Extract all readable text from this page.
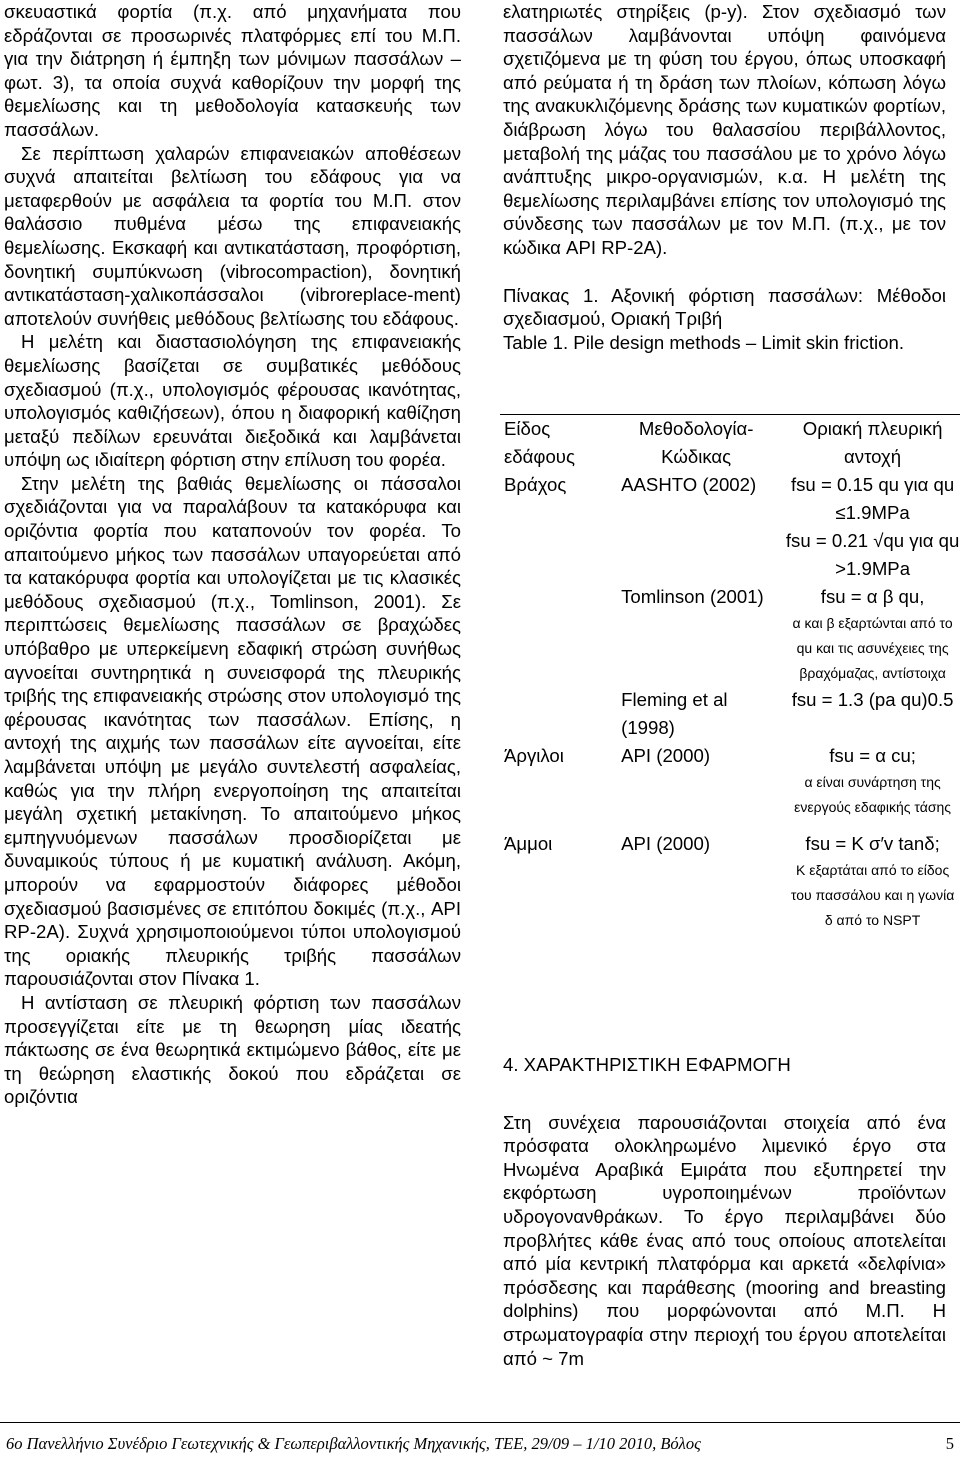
σκευαστικά φορτία (π.χ. από μηχανήματα που εδράζονται σε προσωρινές πλατφόρμες επί του Μ.Π. για την διάτρηση ή έμπηξη των μόνιμων πασσάλων – φωτ. 3), τα οποία συχνά καθορίζουν την μορφή της θεμελίωσης και τη μεθοδολογία κατασκευής των πασσάλων.

Σε περίπτωση χαλαρών επιφανειακών αποθέσεων συχνά απαιτείται βελτίωση του εδάφους για να μεταφερθούν με ασφάλεια τα φορτία του Μ.Π. στον θαλάσσιο πυθμένα μέσω της επιφανειακής θεμελίωσης. Εκσκαφή και αντικατάσταση, προφόρτιση, δονητική συμπύκνωση (vibrocompaction), δονητική αντικατάσταση-χαλικοπάσσαλοι (vibroreplace-ment) αποτελούν συνήθεις μεθόδους βελτίωσης του εδάφους.

Η μελέτη και διαστασιολόγηση της επιφανειακής θεμελίωσης βασίζεται σε συμβατικές μεθόδους σχεδιασμού (π.χ., υπολογισμός φέρουσας ικανότητας, υπολογισμός καθιζήσεων), όπου η διαφορική καθίζηση μεταξύ πεδίλων ερευνάται διεξοδικά και λαμβάνεται υπόψη ως ιδιαίτερη φόρτιση στην επίλυση του φορέα.

Στην μελέτη της βαθιάς θεμελίωσης οι πάσσαλοι σχεδιάζονται για να παραλάβουν τα κατακόρυφα και οριζόντια φορτία που καταπονούν τον φορέα. Το απαιτούμενο μήκος των πασσάλων υπαγορεύεται από τα κατακόρυφα φορτία και υπολογίζεται με τις κλασικές μεθόδους σχεδιασμού (π.χ., Tomlinson, 2001). Σε περιπτώσεις θεμελίωσης πασσάλων σε βραχώδες υπόβαθρο με υπερκείμενη εδαφική στρώση συνήθως αγνοείται συντηρητικά η συνεισφορά της πλευρικής τριβής της επιφανειακής στρώσης στον υπολογισμό της φέρουσας ικανότητας των πασσάλων. Επίσης, η αντοχή της αιχμής των πασσάλων είτε αγνοείται, είτε λαμβάνεται υπόψη με μεγάλο συντελεστή ασφαλείας, καθώς για την πλήρη ενεργοποίηση της απαιτείται μεγάλη σχετική μετακίνηση. Το απαιτούμενο μήκος εμπηγνυόμενων πασσάλων προσδιορίζεται με δυναμικούς τύπους ή με κυματική ανάλυση. Ακόμη, μπορούν να εφαρμοστούν διάφορες μέθοδοι σχεδιασμού βασισμένες σε επιτόπου δοκιμές (π.χ., API RP-2A). Συχνά χρησιμοποιούμενοι τύποι υπολογισμού της οριακής πλευρικής τριβής πασσάλων παρουσιάζονται στον Πίνακα 1.

Η αντίσταση σε πλευρική φόρτιση των πασσάλων προσεγγίζεται είτε με τη θεωρηση μίας ιδεατής πάκτωσης σε ένα θεωρητικά εκτιμώμενο βάθος, είτε με τη θεώρηση ελαστικής δοκού που εδράζεται σε οριζόντια

ελατηριωτές στηρίξεις (p-y). Στον σχεδιασμό των πασσάλων λαμβάνονται υπόψη φαινόμενα σχετιζόμενα με τη φύση του έργου, όπως υποσκαφή από ρεύματα ή τη δράση των πλοίων, κόπωση λόγω της ανακυκλιζόμενης δράσης των κυματικών φορτίων, διάβρωση λόγω του θαλασσίου περιβάλλοντος, μεταβολή της μάζας του πασσάλου με το χρόνο λόγω ανάπτυξης μικρο-οργανισμών, κ.α. Η μελέτη της θεμελίωσης περιλαμβάνει επίσης τον υπολογισμό της σύνδεσης των πασσάλων με τον Μ.Π. (π.χ., με τον κώδικα API RP-2A).

Πίνακας 1. Αξονική φόρτιση πασσάλων: Μέθοδοι σχεδιασμού, Οριακή Τριβή

Table 1. Pile design methods – Limit skin friction.

Είδος εδάφους	Μεθοδολογία- Κώδικας	Οριακή πλευρική αντοχή
Βράχος	AASHTO (2002)	fsu = 0.15 qu για qu ≤1.9MPa
fsu = 0.21 √qu για qu >1.9MPa

	Tomlinson (2001)	fsu = α β qu,
α και β εξαρτώνται από το qu και τις ασυνέχειες της βραχόμαζας, αντίστοιχα

	Fleming et al (1998)	fsu = 1.3 (pa qu)0.5
Άργιλοι	API (2000)	fsu = α cu;
α είναι συνάρτηση της ενεργούς εδαφικής τάσης

Άμμοι	API (2000)	fsu = K σ′v tanδ;
K εξαρτάται από το είδος του πασσάλου και η γωνία δ από το NSPT

4. ΧΑΡΑΚΤΗΡΙΣΤΙΚΗ ΕΦΑΡΜΟΓΗ

Στη συνέχεια παρουσιάζονται στοιχεία από ένα πρόσφατα ολοκληρωμένο λιμενικό έργο στα Ηνωμένα Αραβικά Εμιράτα που εξυπηρετεί την εκφόρτωση υγροποιημένων προϊόντων υδρογονανθράκων. Το έργο περιλαμβάνει δύο προβλήτες κάθε ένας από τους οποίους αποτελείται από μία κεντρική πλατφόρμα και αρκετά «δελφίνια» πρόσδεσης και παράθεσης (mooring and breasting dolphins) που μορφώνονται από Μ.Π. Η στρωματογραφία στην περιοχή του έργου αποτελείται από ~ 7m

6ο Πανελλήνιο Συνέδριο Γεωτεχνικής & Γεωπεριβαλλοντικής Μηχανικής, ΤΕΕ, 29/09 – 1/10 2010, Βόλος	5
